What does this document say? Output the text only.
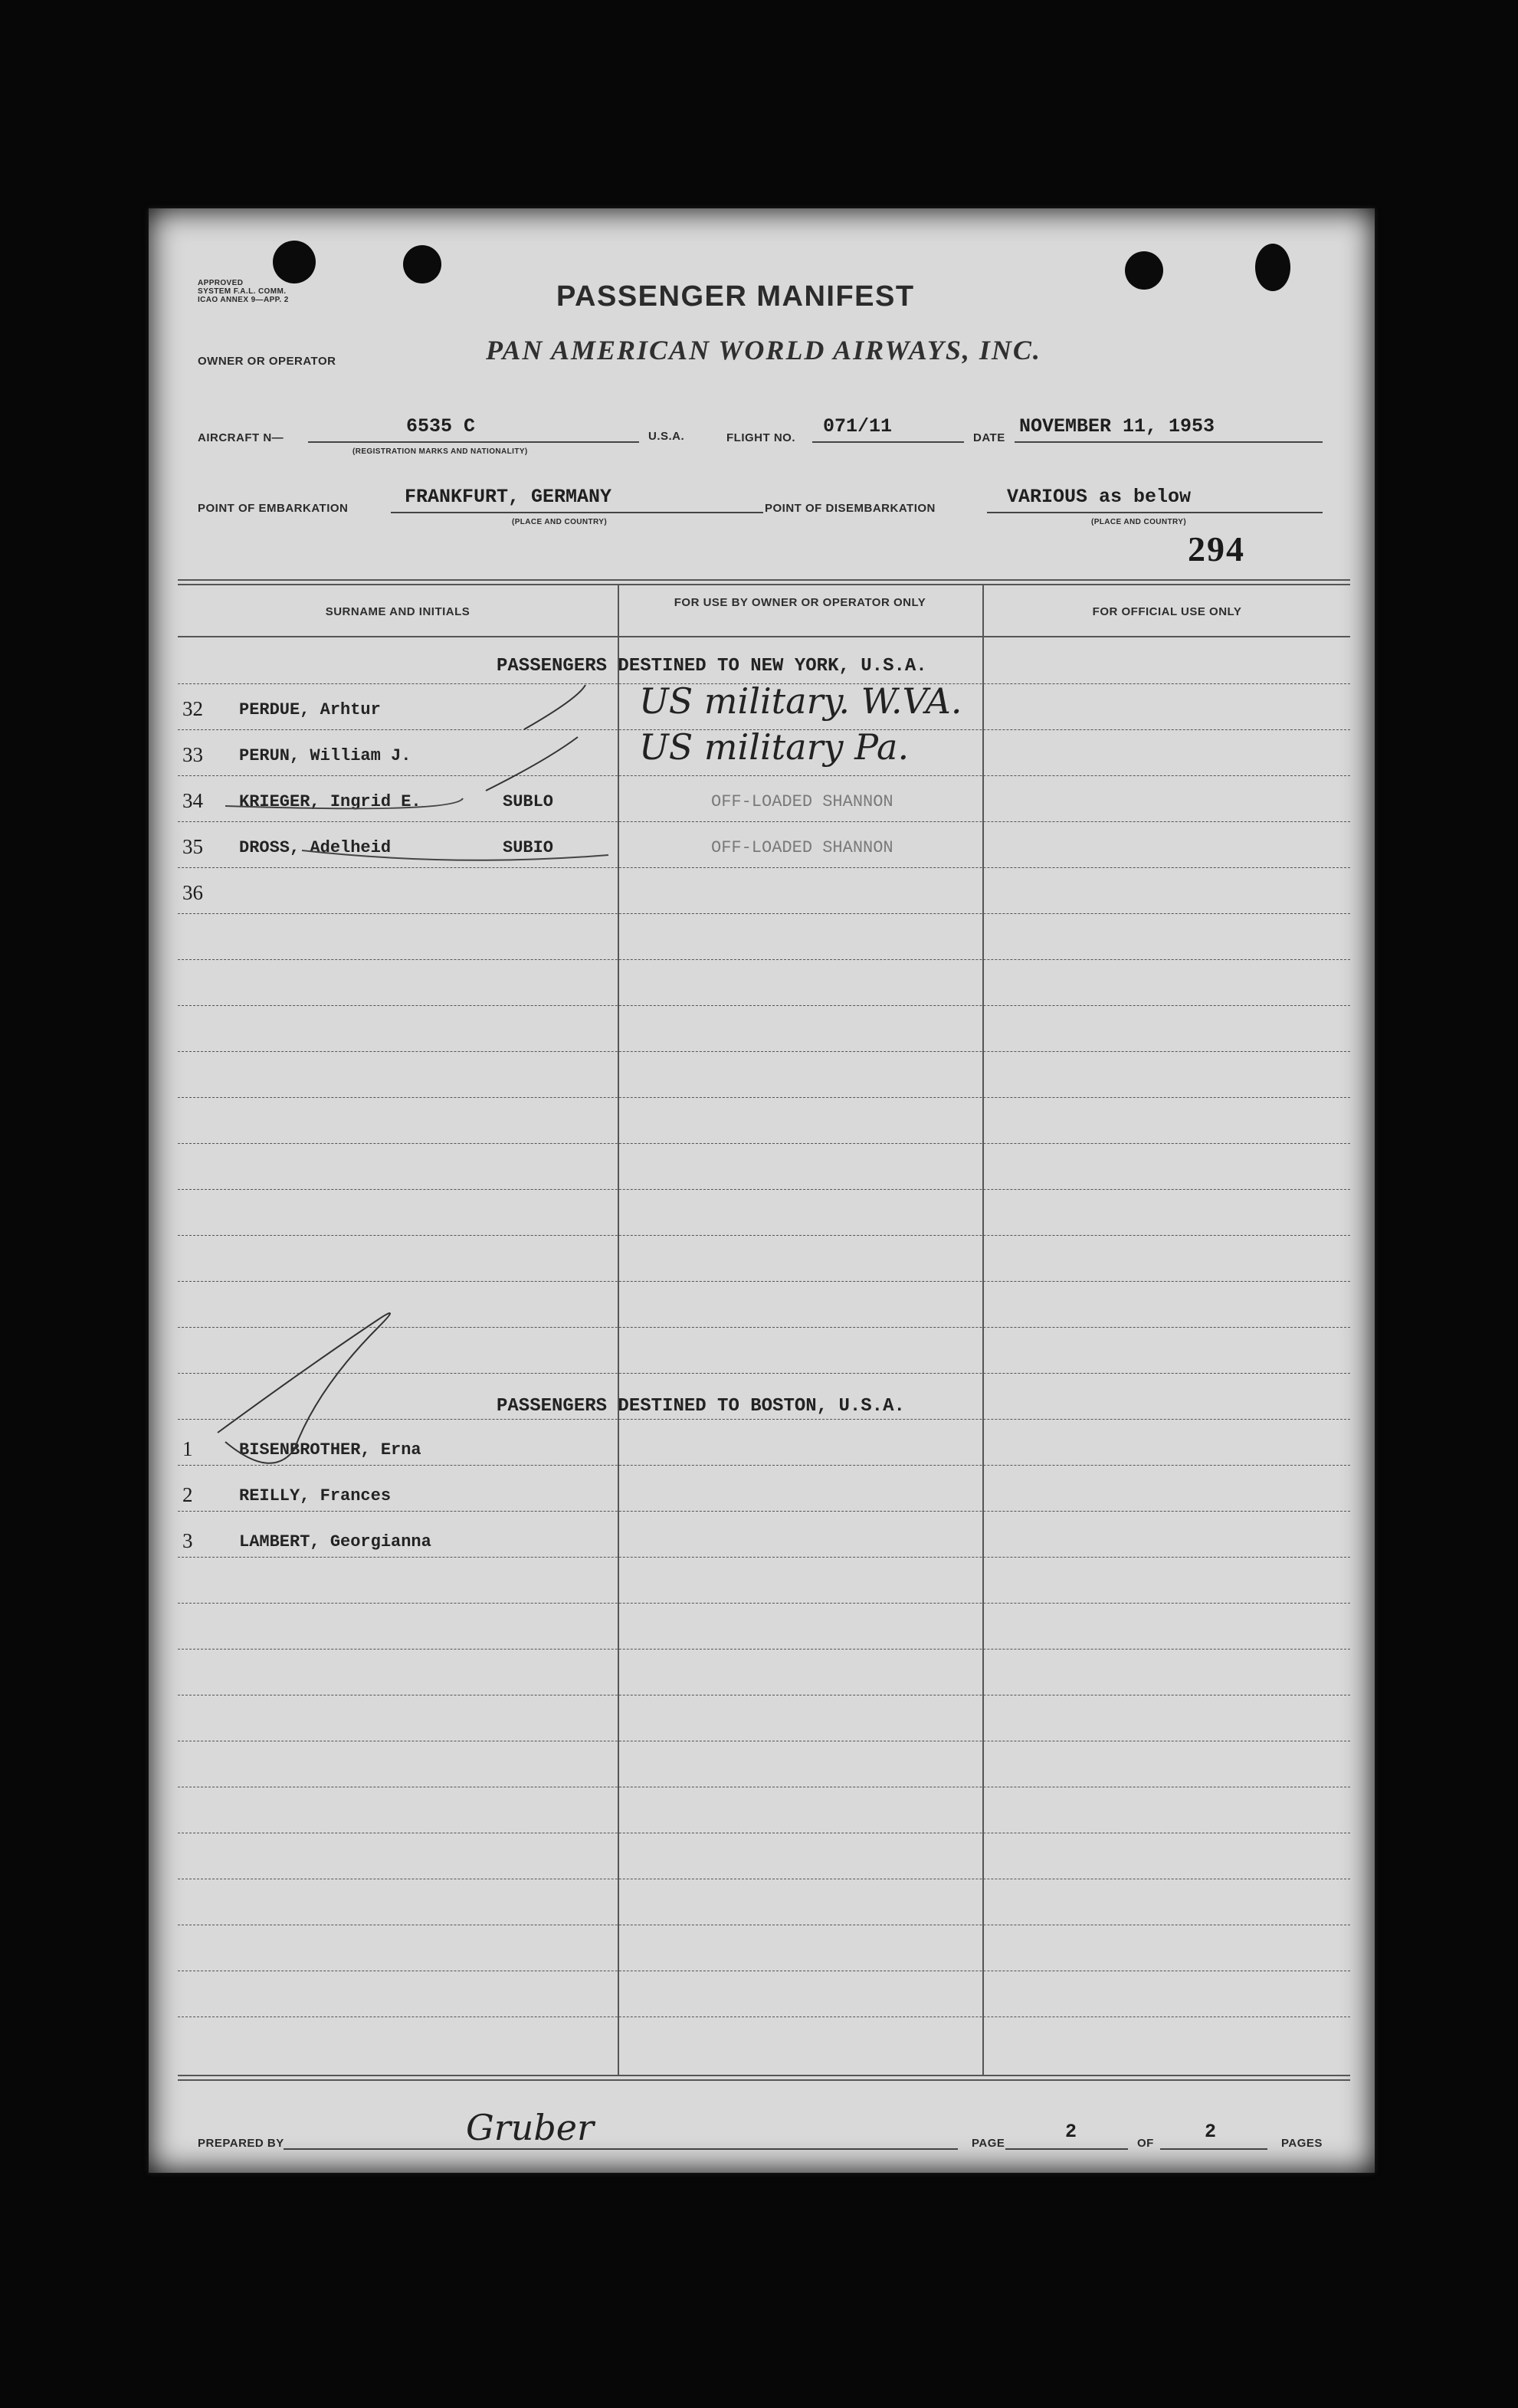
APPROVED
SYSTEM F.A.L. COMM.
ICAO ANNEX 9—APP. 2	PASSENGER MANIFEST
OWNER OR OPERATOR	PAN AMERICAN WORLD AIRWAYS, INC.
AIRCRAFT N—
6535 C
(REGISTRATION MARKS AND NATIONALITY)
U.S.A.	FLIGHT NO.
071/11
DATE
NOVEMBER 11, 1953
POINT OF EMBARKATION
FRANKFURT, GERMANY
(PLACE AND COUNTRY)
POINT OF DISEMBARKATION
VARIOUS as below
(PLACE AND COUNTRY)
294
SURNAME AND INITIALS
FOR USE BY OWNER OR OPERATOR ONLY
FOR OFFICIAL USE ONLY
PASSENGERS DESTINED TO NEW YORK, U.S.A.
32 PERDUE, Arhtur	US military. W.VA.
33 PERUN, William J.	US military Pa.
34 KRIEGER, Ingrid E.	SUBLO	OFF-LOADED SHANNON
35 DROSS, Adelheid	SUBIO	OFF-LOADED SHANNON
36
PASSENGERS DESTINED TO BOSTON, U.S.A.
1	BISENBROTHER, Erna
2	REILLY, Frances
3	LAMBERT, Georgianna
PREPARED BY	Gruber	PAGE
2
OF
2
PAGES
